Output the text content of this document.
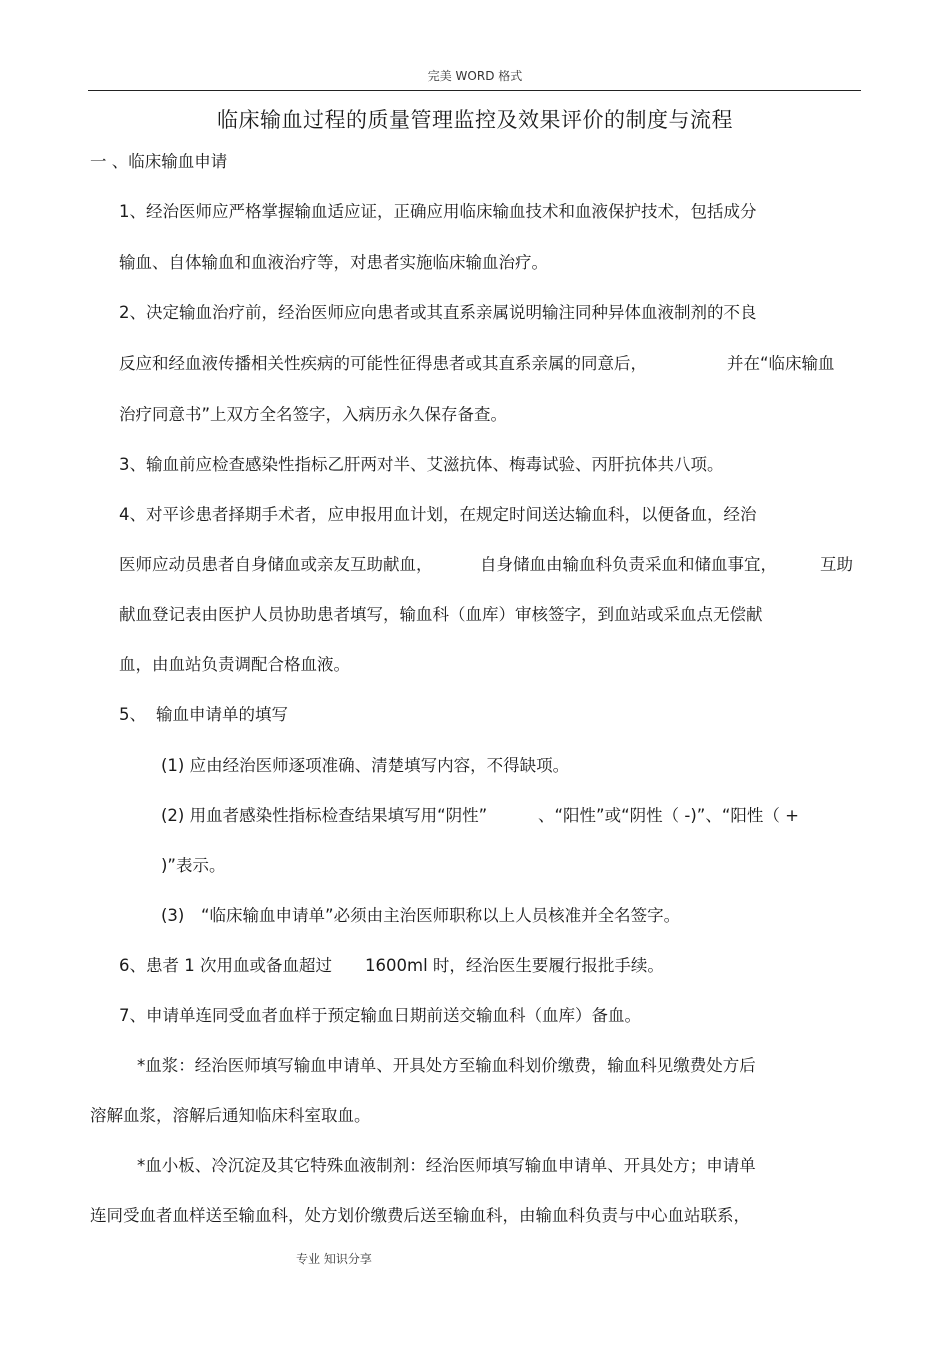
完美 WORD 格式
临床输血过程的质量管理监控及效果评价的制度与流程
一 、临床输血申请
1、经治医师应严格掌握输血适应证，正确应用临床输血技术和血液保护技术，包括成分
输血、自体输血和血液治疗等，对患者实施临床输血治疗。
2、决定输血治疗前，经治医师应向患者或其直系亲属说明输注同种异体血液制剂的不良
反应和经血液传播相关性疾病的可能性征得患者或其直系亲属的同意后，	并在“临床输血
治疗同意书”上双方全名签字，入病历永久保存备查。
3、输血前应检查感染性指标乙肝两对半、艾滋抗体、梅毒试验、丙肝抗体共八项。
4、对平诊患者择期手术者，应申报用血计划，在规定时间送达输血科，以便备血，经治
医师应动员患者自身储血或亲友互助献血，	自身储血由输血科负责采血和储血事宜，	互助
献血登记表由医护人员协助患者填写，输血科（血库）审核签字，到血站或采血点无偿献
血，由血站负责调配合格血液。
5、 输血申请单的填写
(1) 应由经治医师逐项准确、清楚填写内容，不得缺项。
(2) 用血者感染性指标检查结果填写用“阴性”	、“阳性”或“阴性（ -)”、“阳性（ +
)”表示。
(3) “临床输血申请单”必须由主治医师职称以上人员核准并全名签字。
6、患者 1 次用血或备血超过 1600ml 时，经治医生要履行报批手续。
7、申请单连同受血者血样于预定输血日期前送交输血科（血库）备血。
*血浆：经治医师填写输血申请单、开具处方至输血科划价缴费，输血科见缴费处方后
溶解血浆，溶解后通知临床科室取血。
*血小板、冷沉淀及其它特殊血液制剂：经治医师填写输血申请单、开具处方；申请单
连同受血者血样送至输血科，处方划价缴费后送至输血科，由输血科负责与中心血站联系，
专业 知识分享
